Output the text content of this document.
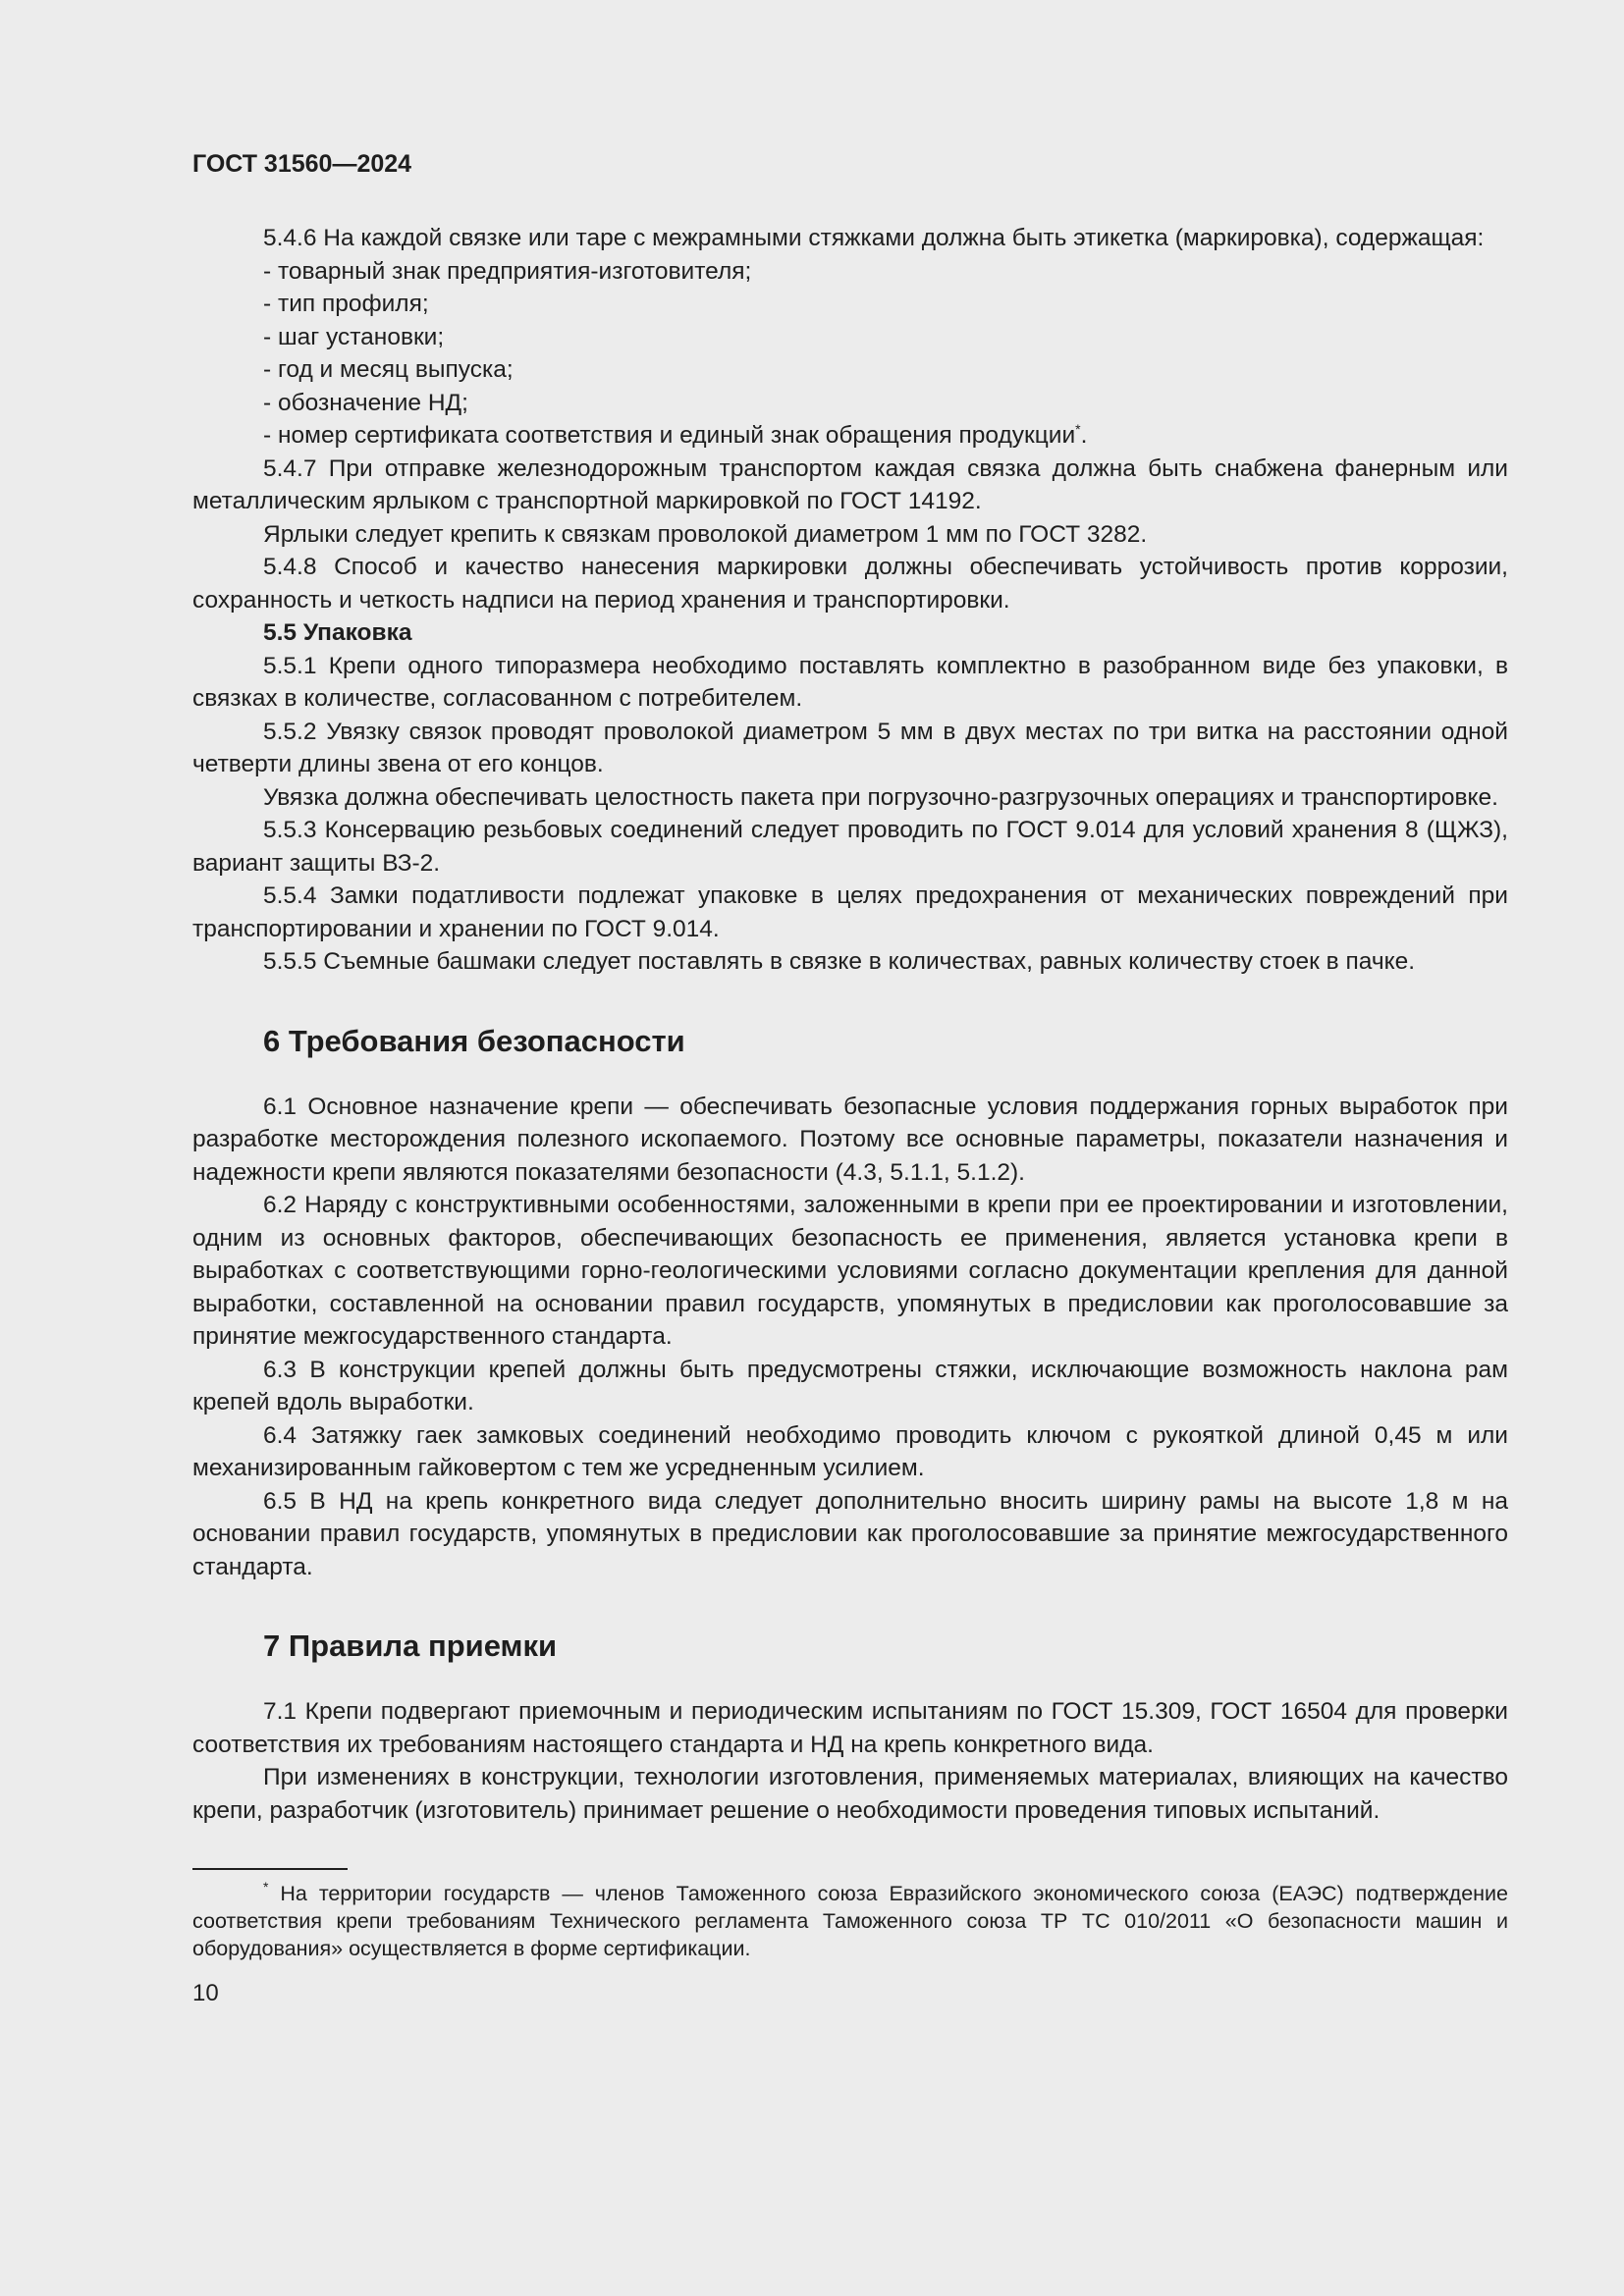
ГОСТ 31560—2024

5.4.6 На каждой связке или таре с межрамными стяжками должна быть этикетка (маркировка), содержащая:

- товарный знак предприятия-изготовителя;
- тип профиля;
- шаг установки;
- год и месяц выпуска;
- обозначение НД;
- номер сертификата соответствия и единый знак обращения продукции*.

5.4.7 При отправке железнодорожным транспортом каждая связка должна быть снабжена фанерным или металлическим ярлыком с транспортной маркировкой по ГОСТ 14192.

Ярлыки следует крепить к связкам проволокой диаметром 1 мм по ГОСТ 3282.

5.4.8 Способ и качество нанесения маркировки должны обеспечивать устойчивость против коррозии, сохранность и четкость надписи на период хранения и транспортировки.

5.5 Упаковка

5.5.1 Крепи одного типоразмера необходимо поставлять комплектно в разобранном виде без упаковки, в связках в количестве, согласованном с потребителем.

5.5.2 Увязку связок проводят проволокой диаметром 5 мм в двух местах по три витка на расстоянии одной четверти длины звена от его концов.

Увязка должна обеспечивать целостность пакета при погрузочно-разгрузочных операциях и транспортировке.

5.5.3 Консервацию резьбовых соединений следует проводить по ГОСТ 9.014 для условий хранения 8 (ЩЖЗ), вариант защиты ВЗ-2.

5.5.4 Замки податливости подлежат упаковке в целях предохранения от механических повреждений при транспортировании и хранении по ГОСТ 9.014.

5.5.5 Съемные башмаки следует поставлять в связке в количествах, равных количеству стоек в пачке.

6 Требования безопасности

6.1 Основное назначение крепи — обеспечивать безопасные условия поддержания горных выработок при разработке месторождения полезного ископаемого. Поэтому все основные параметры, показатели назначения и надежности крепи являются показателями безопасности (4.3, 5.1.1, 5.1.2).

6.2 Наряду с конструктивными особенностями, заложенными в крепи при ее проектировании и изготовлении, одним из основных факторов, обеспечивающих безопасность ее применения, является установка крепи в выработках с соответствующими горно-геологическими условиями согласно документации крепления для данной выработки, составленной на основании правил государств, упомянутых в предисловии как проголосовавшие за принятие межгосударственного стандарта.

6.3 В конструкции крепей должны быть предусмотрены стяжки, исключающие возможность наклона рам крепей вдоль выработки.

6.4 Затяжку гаек замковых соединений необходимо проводить ключом с рукояткой длиной 0,45 м или механизированным гайковертом с тем же усредненным усилием.

6.5 В НД на крепь конкретного вида следует дополнительно вносить ширину рамы на высоте 1,8 м на основании правил государств, упомянутых в предисловии как проголосовавшие за принятие межгосударственного стандарта.

7 Правила приемки

7.1 Крепи подвергают приемочным и периодическим испытаниям по ГОСТ 15.309, ГОСТ 16504 для проверки соответствия их требованиям настоящего стандарта и НД на крепь конкретного вида.

При изменениях в конструкции, технологии изготовления, применяемых материалах, влияющих на качество крепи, разработчик (изготовитель) принимает решение о необходимости проведения типовых испытаний.

* На территории государств — членов Таможенного союза Евразийского экономического союза (ЕАЭС) подтверждение соответствия крепи требованиям Технического регламента Таможенного союза ТР ТС 010/2011 «О безопасности машин и оборудования» осуществляется в форме сертификации.

10
